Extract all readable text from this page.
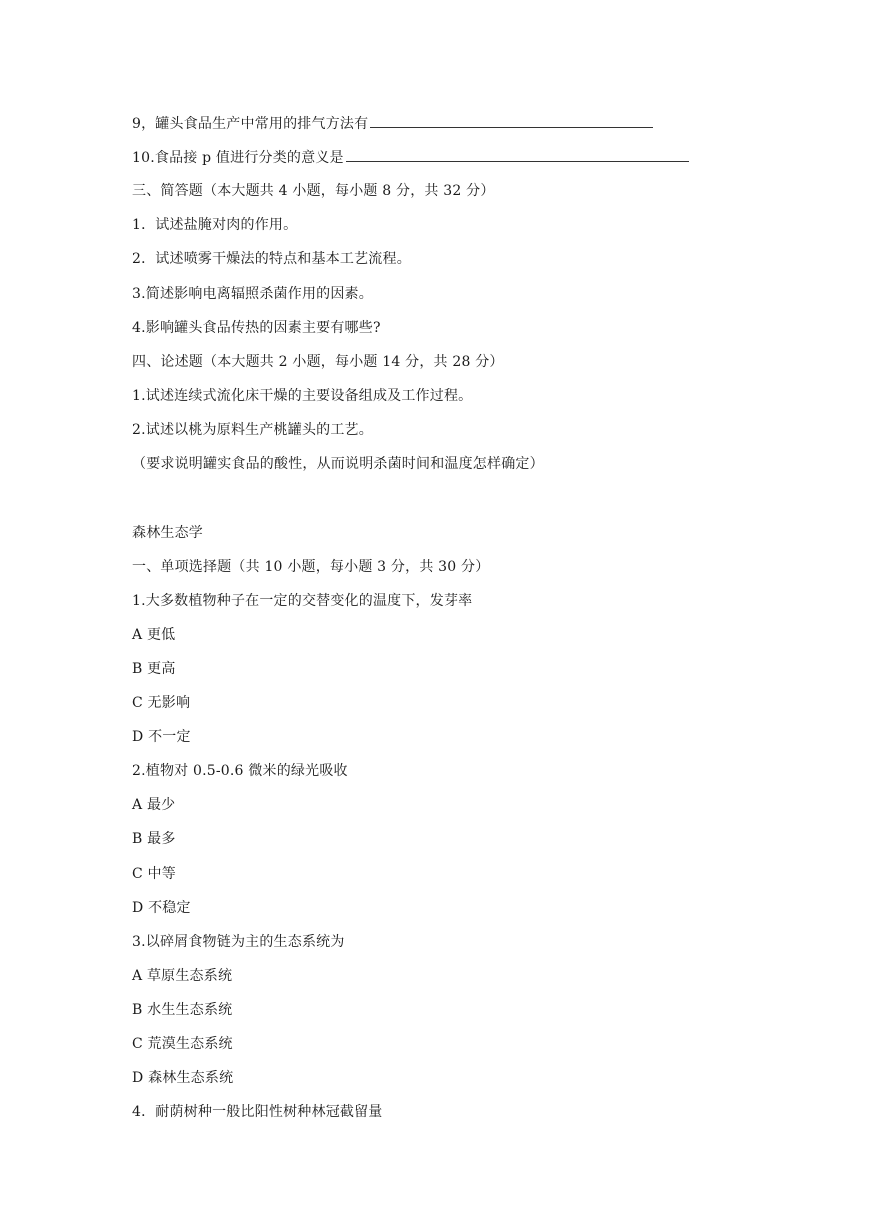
9，罐头食品生产中常用的排气方法有
10.食品接 p 值进行分类的意义是
三、简答题（本大题共 4 小题，每小题 8 分，共 32 分）
1．试述盐腌对肉的作用。
2．试述喷雾干燥法的特点和基本工艺流程。
3.简述影响电离辐照杀菌作用的因素。
4.影响罐头食品传热的因素主要有哪些?
四、论述题（本大题共 2 小题，每小题 14 分，共 28 分）
1.试述连续式流化床干燥的主要设备组成及工作过程。
2.试述以桃为原料生产桃罐头的工艺。
（要求说明罐实食品的酸性，从而说明杀菌时间和温度怎样确定）
森林生态学
一、单项选择题（共 10 小题，每小题 3 分，共 30 分）
1.大多数植物种子在一定的交替变化的温度下，发芽率
A 更低
B 更高
C 无影响
D 不一定
2.植物对 0.5-0.6 微米的绿光吸收
A 最少
B 最多
C 中等
D 不稳定
3.以碎屑食物链为主的生态系统为
A 草原生态系统
B 水生生态系统
C 荒漠生态系统
D 森林生态系统
4．耐荫树种一般比阳性树种林冠截留量
